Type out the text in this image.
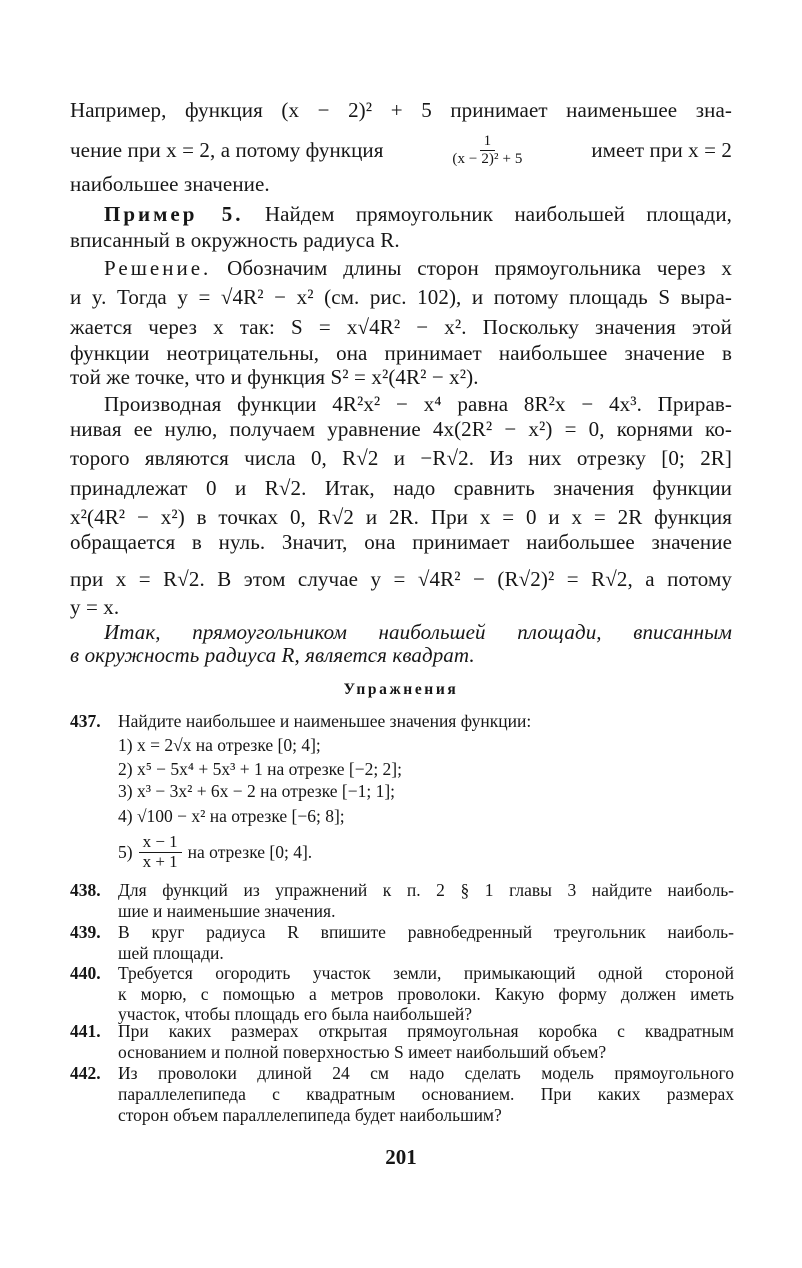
Например, функция (x − 2)² + 5 принимает наименьшее зна-
чение при x = 2, а потому функция	$\frac{1}{\text{(x − 2)² + 5}}$	имеет при x = 2
наибольшее значение.
Пример 5. Найдем прямоугольник наибольшей площади,
вписанный в окружность радиуса R.
Решение. Обозначим длины сторон прямоугольника через x
и y. Тогда y = √4R² − x² (см. рис. 102), и потому площадь S выра-
жается через x так: S = x√4R² − x². Поскольку значения этой
функции неотрицательны, она принимает наибольшее значение в
той же точке, что и функция S² = x²(4R² − x²).
Производная функции 4R²x² − x⁴ равна 8R²x − 4x³. Прирав-
нивая ее нулю, получаем уравнение 4x(2R² − x²) = 0, корнями ко-
торого являются числа 0, R√2 и −R√2. Из них отрезку [0; 2R]
принадлежат 0 и R√2. Итак, надо сравнить значения функции
x²(4R² − x²) в точках 0, R√2 и 2R. При x = 0 и x = 2R функция
обращается в нуль. Значит, она принимает наибольшее значение
при x = R√2. В этом случае y = √4R² − (R√2)² = R√2, а потому
y = x.
Итак, прямоугольником наибольшей площади, вписанным
в окружность радиуса R, является квадрат.
Упражнения
437. Найдите наибольшее и наименьшее значения функции:
1) x = 2√x на отрезке [0; 4];
2) x⁵ − 5x⁴ + 5x³ + 1 на отрезке [−2; 2];
3) x³ − 3x² + 6x − 2 на отрезке [−1; 1];
4) √100 − x² на отрезке [−6; 8];
$5) \frac{x - 1}{x + 1}$ на отрезке [0; 4].
438. Для функций из упражнений к п. 2 § 1 главы 3 найдите наиболь-
шие и наименьшие значения.
439. В круг радиуса R впишите равнобедренный треугольник наиболь-
шей площади.
440. Требуется огородить участок земли, примыкающий одной стороной
к морю, с помощью a метров проволоки. Какую форму должен иметь
участок, чтобы площадь его была наибольшей?
441. При каких размерах открытая прямоугольная коробка с квадратным
основанием и полной поверхностью S имеет наибольший объем?
442. Из проволоки длиной 24 см надо сделать модель прямоугольного
параллелепипеда с квадратным основанием. При каких размерах
сторон объем параллелепипеда будет наибольшим?
201
